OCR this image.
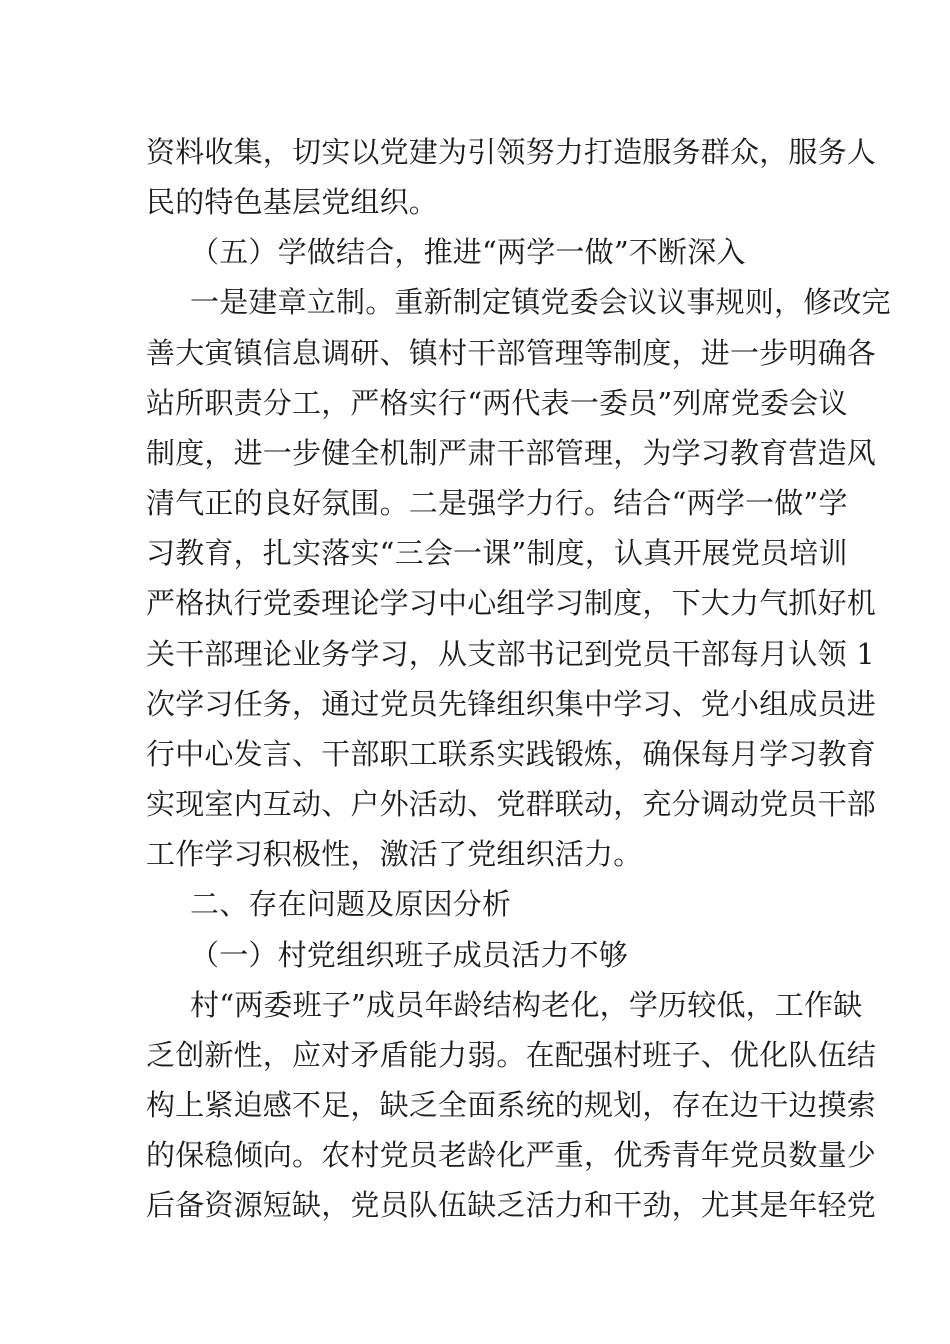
资料收集，切实以党建为引领努力打造服务群众，服务人
民的特色基层党组织。
（五）学做结合，推进“两学一做”不断深入
一是建章立制。重新制定镇党委会议议事规则，修改完
善大寅镇信息调研、镇村干部管理等制度，进一步明确各
站所职责分工，严格实行“两代表一委员”列席党委会议
制度，进一步健全机制严肃干部管理，为学习教育营造风
清气正的良好氛围。二是强学力行。结合“两学一做”学
习教育，扎实落实“三会一课”制度，认真开展党员培训
严格执行党委理论学习中心组学习制度，下大力气抓好机
关干部理论业务学习，从支部书记到党员干部每月认领 1
次学习任务，通过党员先锋组织集中学习、党小组成员进
行中心发言、干部职工联系实践锻炼，确保每月学习教育
实现室内互动、户外活动、党群联动，充分调动党员干部
工作学习积极性，激活了党组织活力。
二、存在问题及原因分析
（一）村党组织班子成员活力不够
村“两委班子”成员年龄结构老化，学历较低，工作缺
乏创新性，应对矛盾能力弱。在配强村班子、优化队伍结
构上紧迫感不足，缺乏全面系统的规划，存在边干边摸索
的保稳倾向。农村党员老龄化严重，优秀青年党员数量少
后备资源短缺，党员队伍缺乏活力和干劲，尤其是年轻党
